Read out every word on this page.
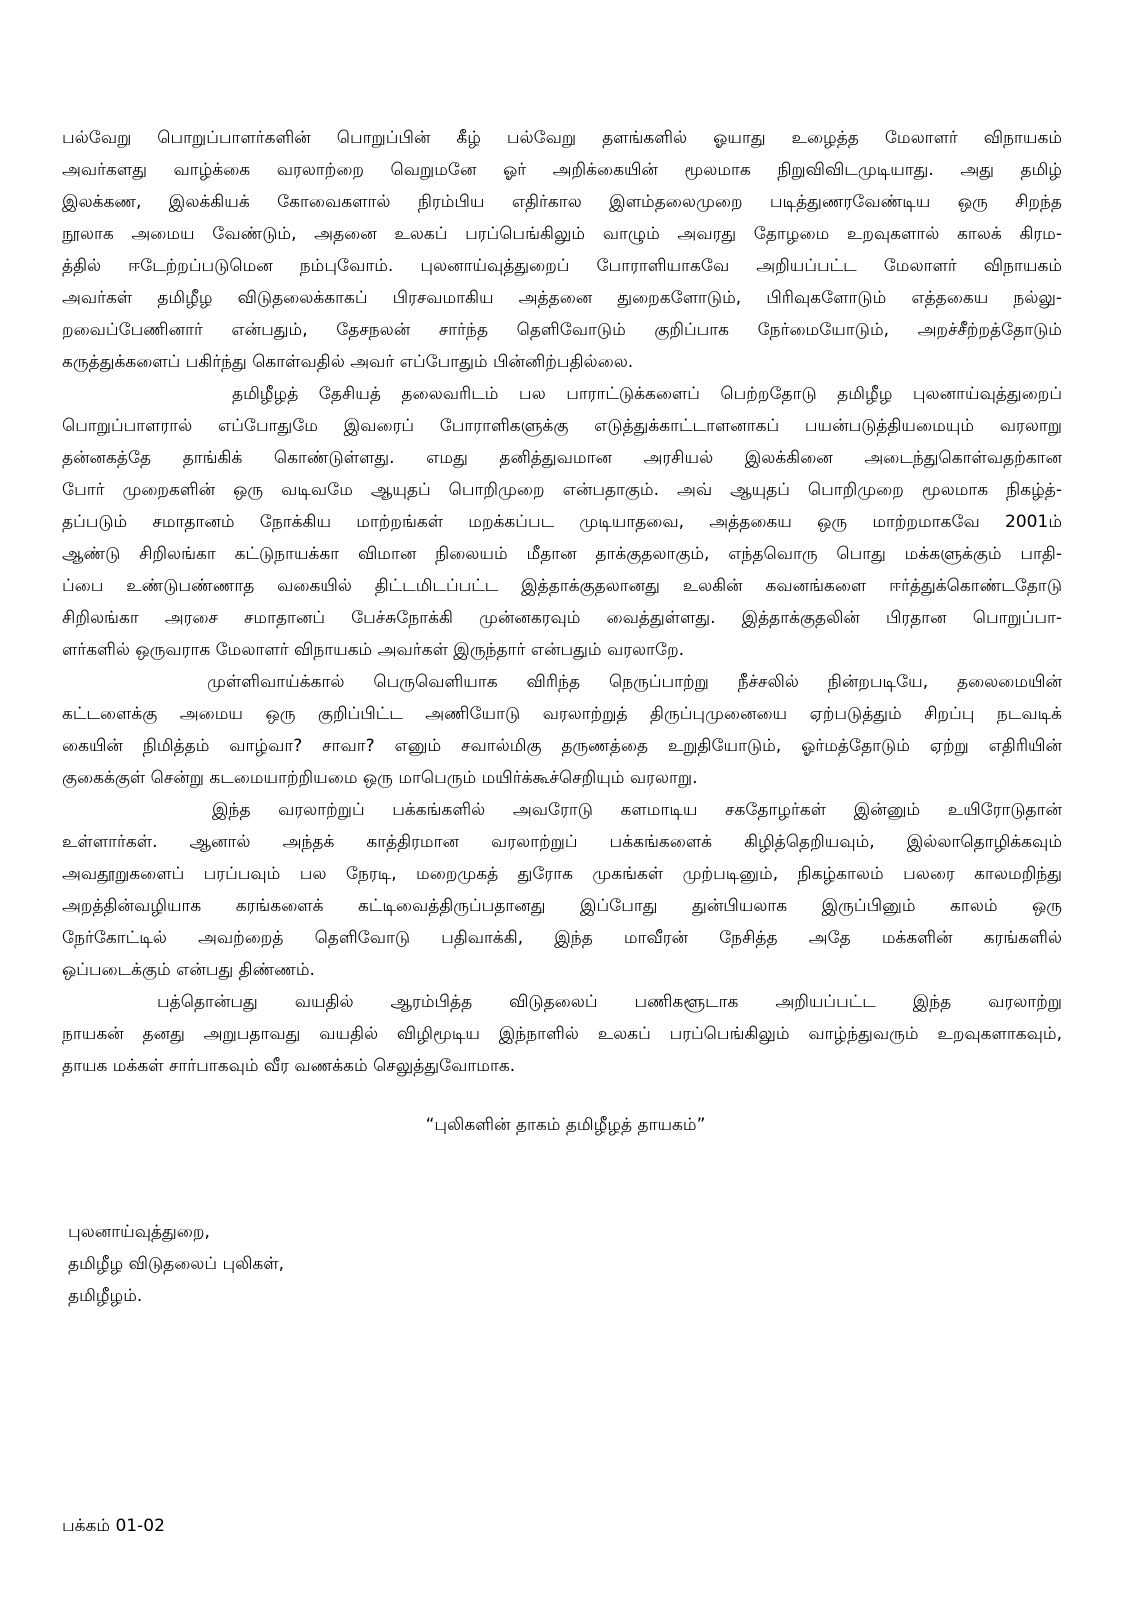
பல்வேறு பொறுப்பாளர்களின் பொறுப்பின் கீழ் பல்வேறு தளங்களில் ஓயாது உழைத்த மேலாளர் விநாயகம்
அவர்களது வாழ்க்கை வரலாற்றை வெறுமனே ஓர் அறிக்கையின் மூலமாக நிறுவிவிடமுடியாது. அது தமிழ்
இலக்கண, இலக்கியக் கோவைகளால் நிரம்பிய எதிர்கால இளம்தலைமுறை படித்துணரவேண்டிய ஒரு சிறந்த
நூலாக அமைய வேண்டும், அதனை உலகப் பரப்பெங்கிலும் வாழும் அவரது தோழமை உறவுகளால் காலக் கிரம-
த்தில் ஈடேற்றப்படுமென நம்புவோம். புலனாய்வுத்துறைப் போராளியாகவே அறியப்பட்ட மேலாளர் விநாயகம்
அவர்கள் தமிழீழ விடுதலைக்காகப் பிரசவமாகிய அத்தனை துறைகளோடும், பிரிவுகளோடும் எத்தகைய நல்லு-
றவைப்பேணினார் என்பதும், தேசநலன் சார்ந்த தெளிவோடும் குறிப்பாக நேர்மையோடும், அறச்சீற்றத்தோடும்
கருத்துக்களைப் பகிர்ந்து கொள்வதில் அவர் எப்போதும் பின்னிற்பதில்லை.
தமிழீழத் தேசியத் தலைவரிடம் பல பாராட்டுக்களைப் பெற்றதோடு தமிழீழ புலனாய்வுத்துறைப்
பொறுப்பாளரால் எப்போதுமே இவரைப் போராளிகளுக்கு எடுத்துக்காட்டாளனாகப் பயன்படுத்தியமையும் வரலாறு
தன்னகத்தே தாங்கிக் கொண்டுள்ளது. எமது தனித்துவமான அரசியல் இலக்கினை அடைந்துகொள்வதற்கான
போர் முறைகளின் ஒரு வடிவமே ஆயுதப் பொறிமுறை என்பதாகும். அவ் ஆயுதப் பொறிமுறை மூலமாக நிகழ்த்-
தப்படும் சமாதானம் நோக்கிய மாற்றங்கள் மறக்கப்பட முடியாதவை, அத்தகைய ஒரு மாற்றமாகவே 2001ம்
ஆண்டு சிறிலங்கா கட்டுநாயக்கா விமான நிலையம் மீதான தாக்குதலாகும், எந்தவொரு பொது மக்களுக்கும் பாதி-
ப்பை உண்டுபண்ணாத வகையில் திட்டமிடப்பட்ட இத்தாக்குதலானது உலகின் கவனங்களை ஈர்த்துக்கொண்டதோடு
சிறிலங்கா அரசை சமாதானப் பேச்சுநோக்கி முன்னகரவும் வைத்துள்ளது. இத்தாக்குதலின் பிரதான பொறுப்பா-
ளர்களில் ஒருவராக மேலாளர் விநாயகம் அவர்கள் இருந்தார் என்பதும் வரலாறே.
முள்ளிவாய்க்கால் பெருவெளியாக விரிந்த நெருப்பாற்று நீச்சலில் நின்றபடியே, தலைமையின்
கட்டளைக்கு அமைய ஒரு குறிப்பிட்ட அணியோடு வரலாற்றுத் திருப்புமுனையை ஏற்படுத்தும் சிறப்பு நடவடிக்
கையின் நிமித்தம் வாழ்வா? சாவா? எனும் சவால்மிகு தருணத்தை உறுதியோடும், ஓர்மத்தோடும் ஏற்று எதிரியின்
குகைக்குள் சென்று கடமையாற்றியமை ஒரு மாபெரும் மயிர்க்கூச்செறியும் வரலாறு.
இந்த வரலாற்றுப் பக்கங்களில் அவரோடு களமாடிய சகதோழர்கள் இன்னும் உயிரோடுதான்
உள்ளார்கள். ஆனால் அந்தக் காத்திரமான வரலாற்றுப் பக்கங்களைக் கிழித்தெறியவும், இல்லாதொழிக்கவும்
அவதூறுகளைப் பரப்பவும் பல நேரடி, மறைமுகத் துரோக முகங்கள் முற்படினும், நிகழ்காலம் பலரை காலமறிந்து
அறத்தின்வழியாக கரங்களைக் கட்டிவைத்திருப்பதானது இப்போது துன்பியலாக இருப்பினும் காலம் ஒரு
நேர்கோட்டில் அவற்றைத் தெளிவோடு பதிவாக்கி, இந்த மாவீரன் நேசித்த அதே மக்களின் கரங்களில்
ஒப்படைக்கும் என்பது திண்ணம்.
பத்தொன்பது வயதில் ஆரம்பித்த விடுதலைப் பணிகளூடாக அறியப்பட்ட இந்த வரலாற்று
நாயகன் தனது அறுபதாவது வயதில் விழிமூடிய இந்நாளில் உலகப் பரப்பெங்கிலும் வாழ்ந்துவரும் உறவுகளாகவும்,
தாயக மக்கள் சார்பாகவும் வீர வணக்கம் செலுத்துவோமாக.
“புலிகளின் தாகம் தமிழீழத் தாயகம்”
புலனாய்வுத்துறை,
தமிழீழ விடுதலைப் புலிகள்,
தமிழீழம்.
பக்கம் 01-02
